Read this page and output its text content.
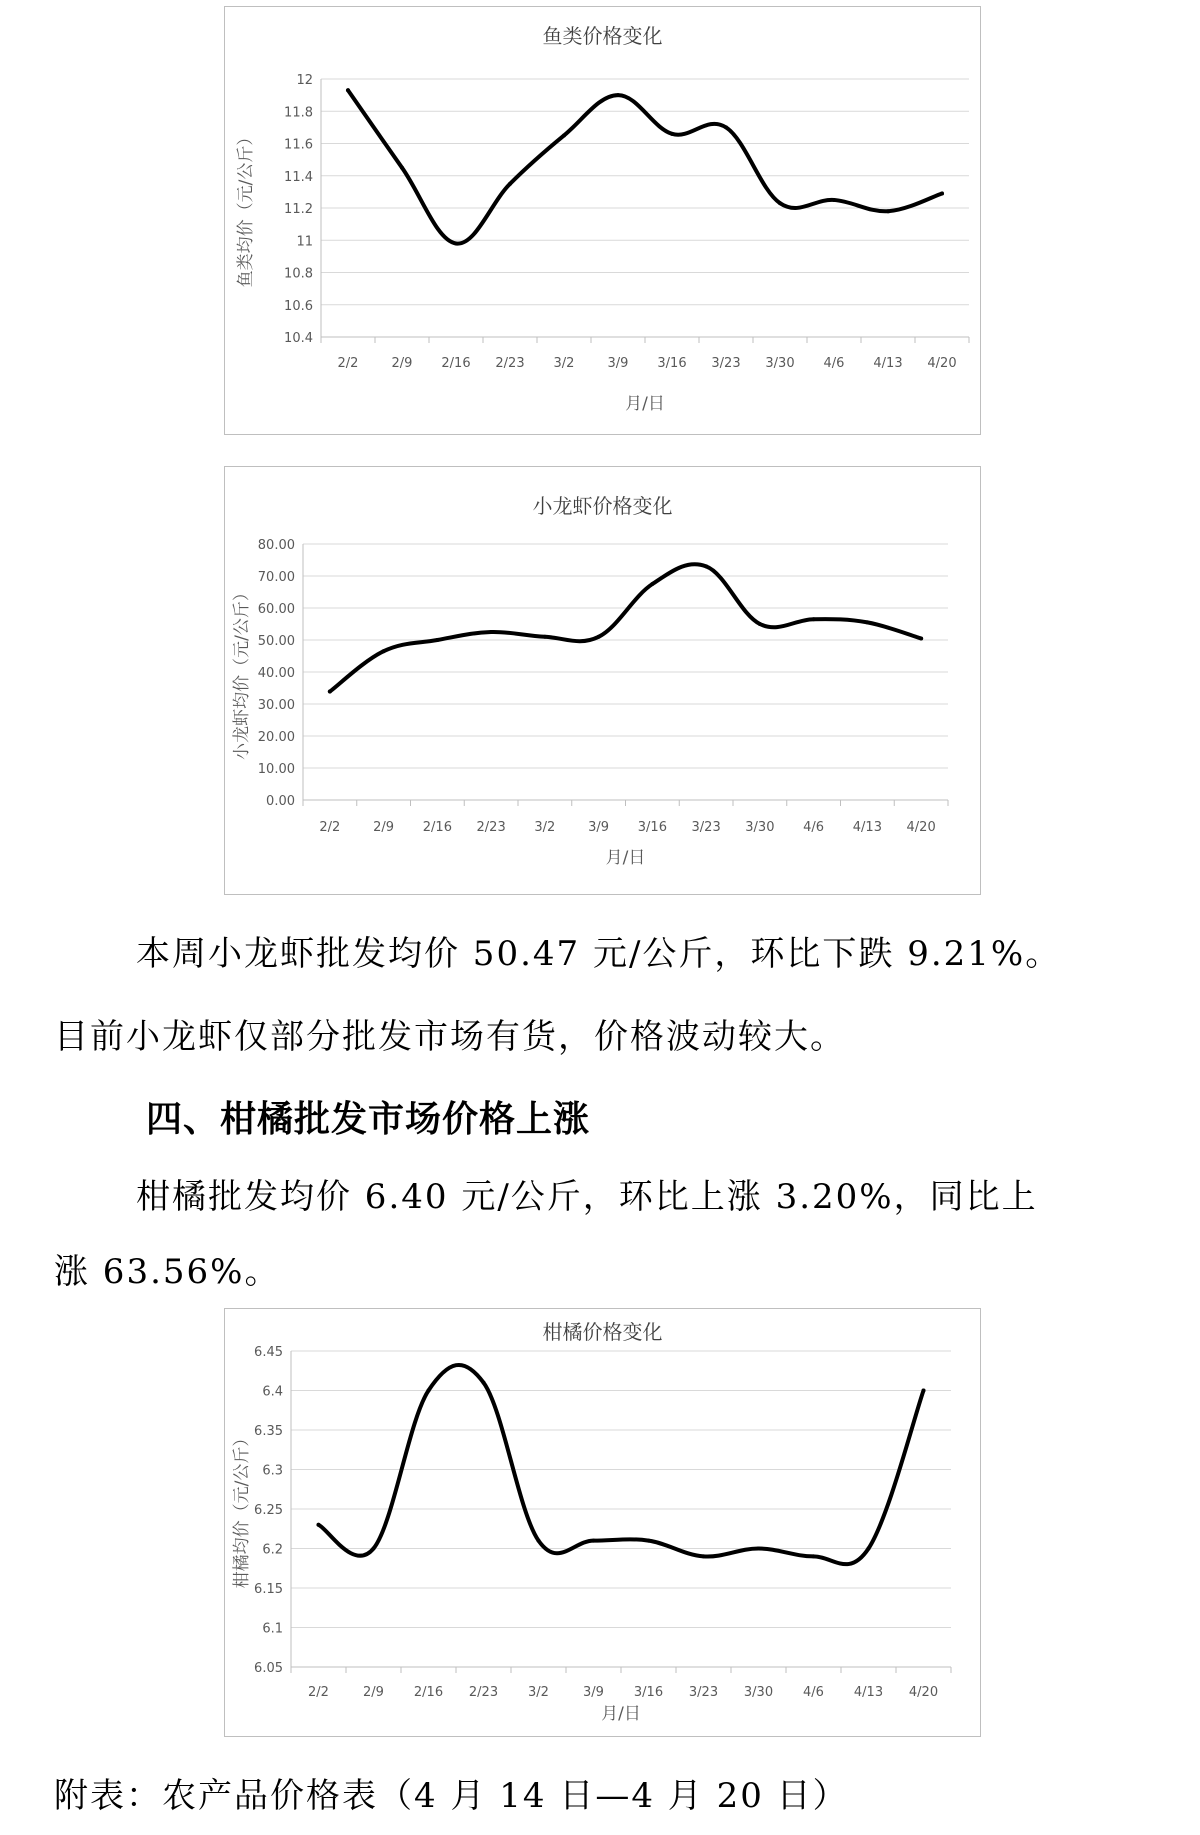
鱼类价格变化
10.4
10.6
10.8
11
11.2
11.4
11.6
11.8
12
2/2	2/9 2/16 2/23 3/2	3/9 3/16 3/23 3/30 4/6 4/13 4/20
月/日
鱼类均价（元/公斤）
小龙虾价格变化
0.00
10.00
20.00
30.00
40.00
50.00
60.00
70.00
80.00
2/2	2/9 2/16 2/23 3/2	3/9 3/16 3/23 3/30 4/6 4/13 4/20
月/日
小龙虾均价（元/公斤）
本周小龙虾批发均价 50.47 元/公斤，环比下跌 9.21%。
目前小龙虾仅部分批发市场有货，价格波动较大。
四、柑橘批发市场价格上涨
柑橘批发均价 6.40 元/公斤，环比上涨 3.20%，同比上
涨 63.56%。
柑橘价格变化
6.05
6.1
6.15
6.2
6.25
6.3
6.35
6.4
6.45
2/2	2/9 2/16 2/23 3/2	3/9 3/16 3/23 3/30 4/6 4/13 4/20
月/日
柑橘均价（元/公斤）
附表：农产品价格表（4 月 14 日—4 月 20 日）
